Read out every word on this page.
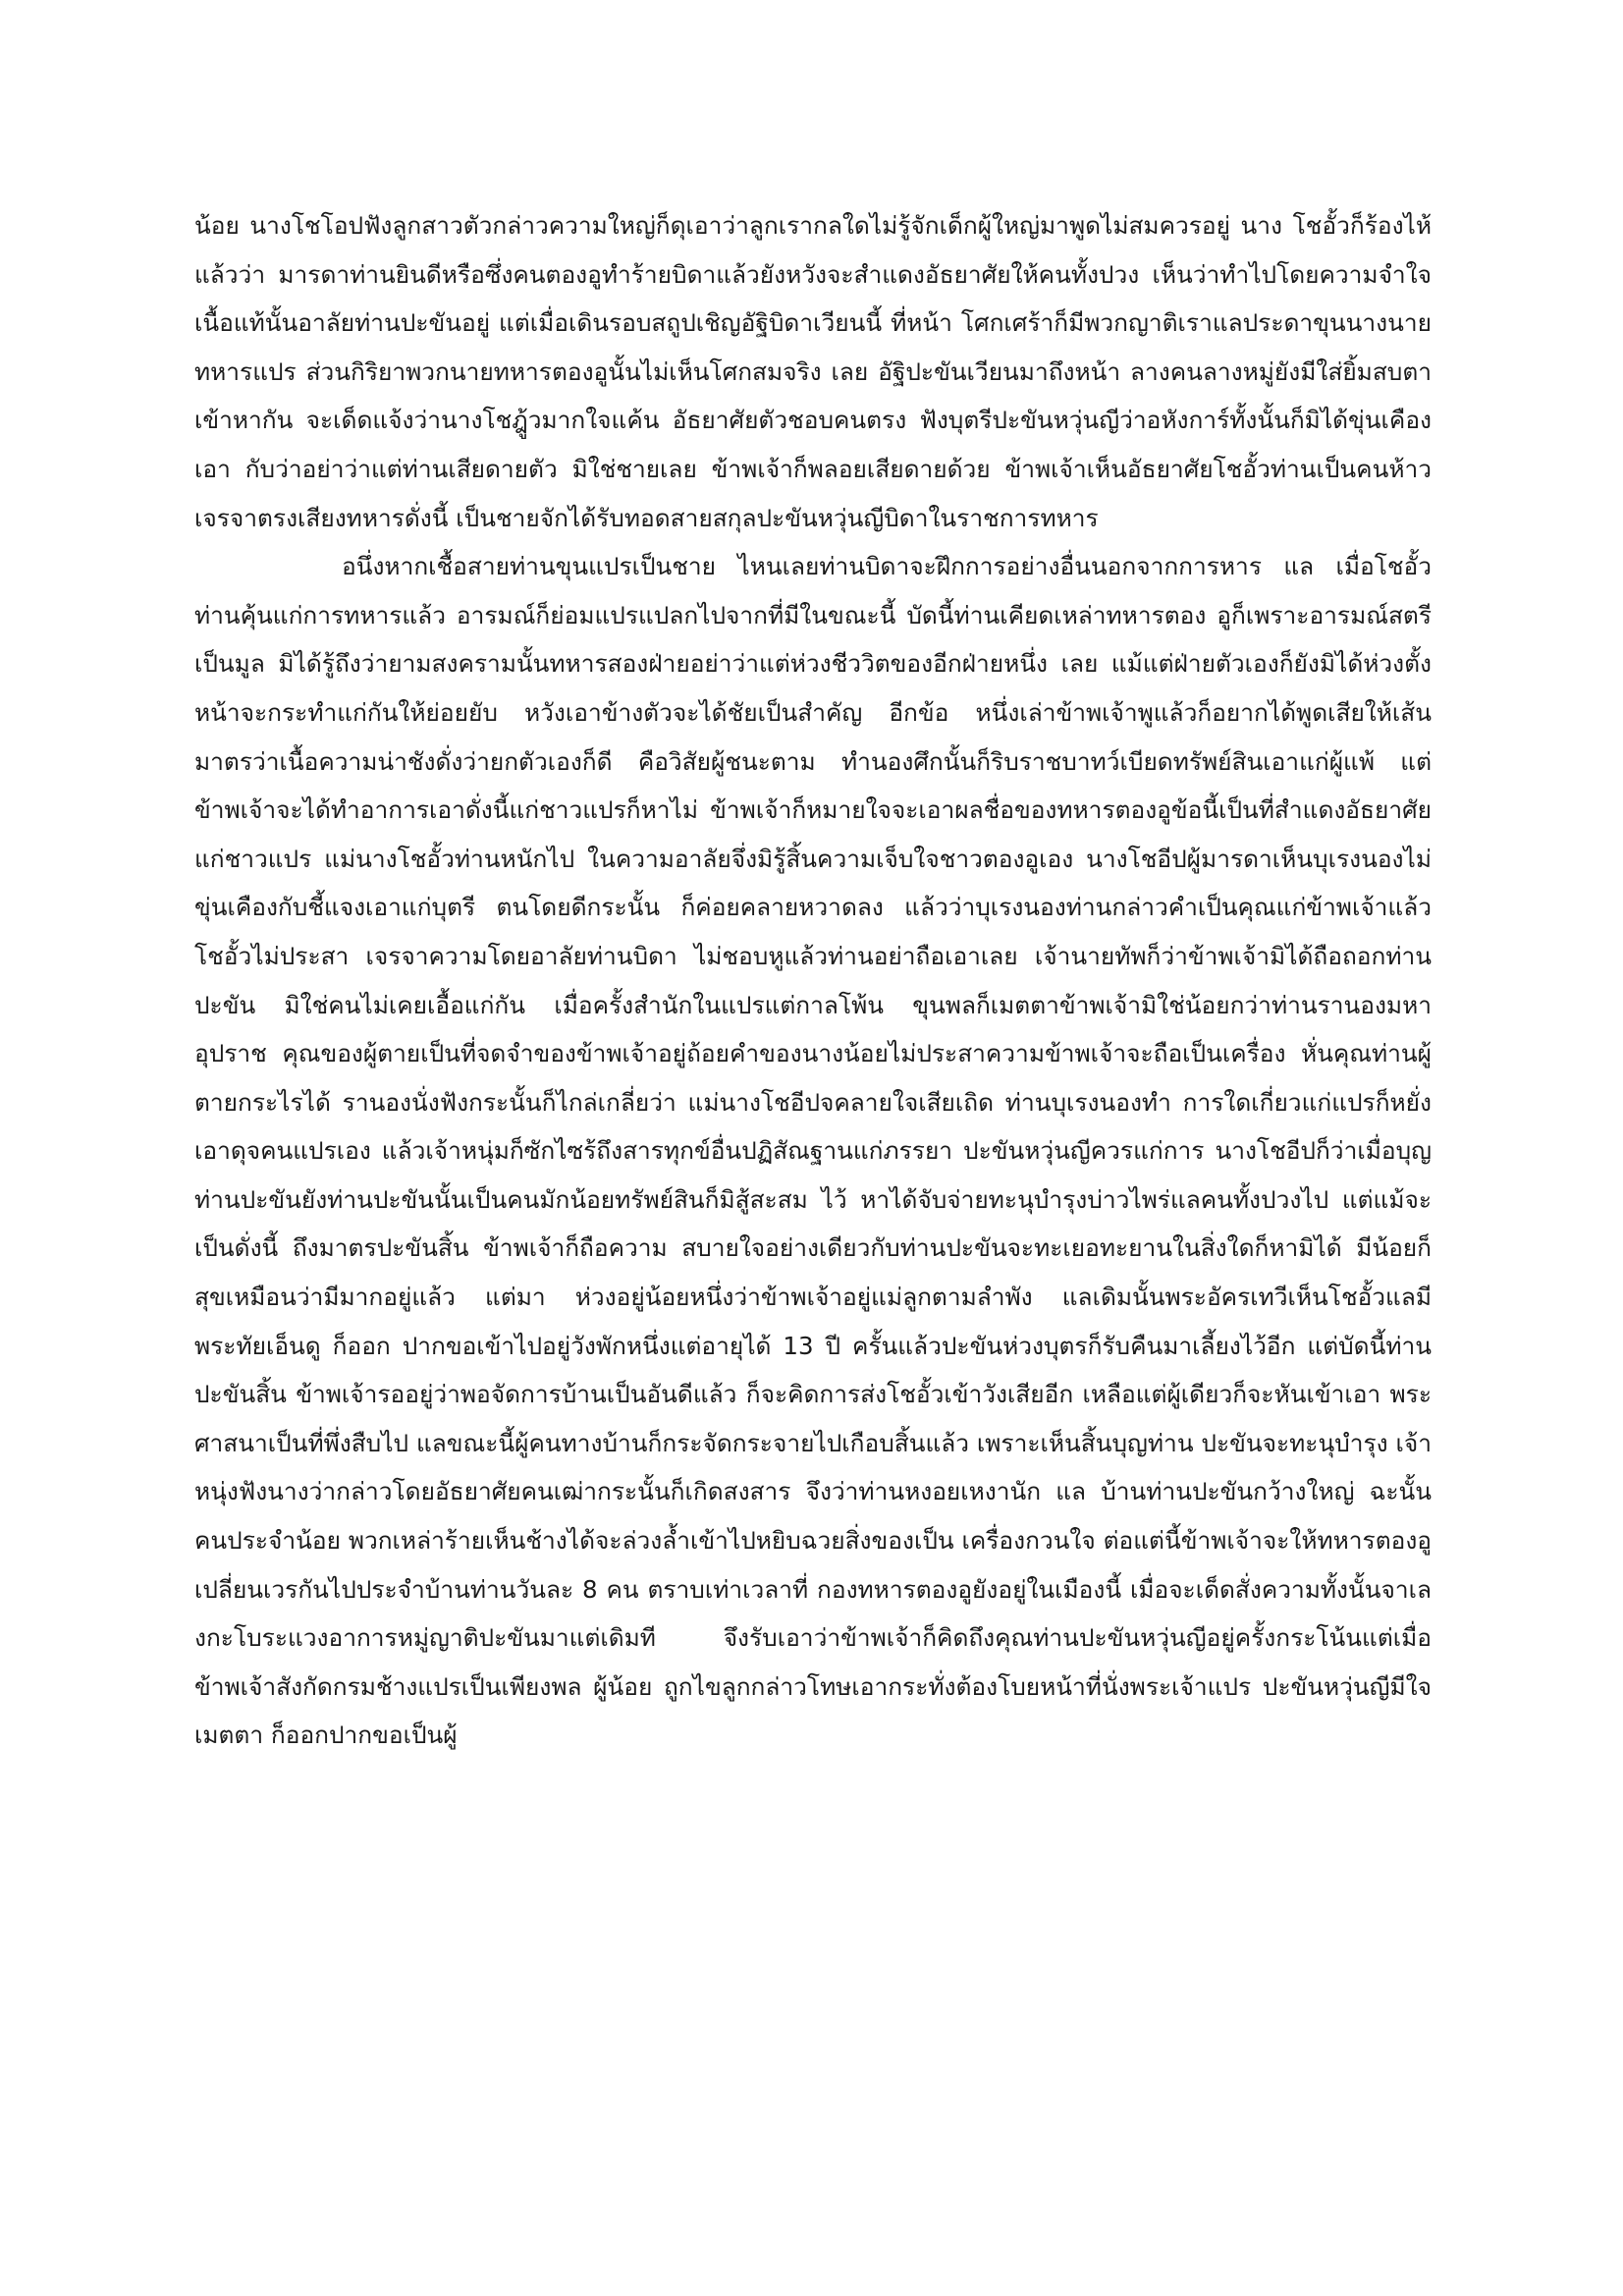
น้อย นางโชโอปฟังลูกสาวตัวกล่าวความใหญ่ก็ดุเอาว่าลูกเรากลใดไม่รู้จักเด็กผู้ใหญ่มาพูดไม่สมควรอยู่ นาง โชอั้วก็ร้องไห้แล้วว่า มารดาท่านยินดีหรือซึ่งคนตองอูทำร้ายบิดาแล้วยังหวังจะสำแดงอัธยาศัยให้คนทั้งปวง เห็นว่าทำไปโดยความจำใจเนื้อแท้นั้นอาลัยท่านปะขันอยู่ แต่เมื่อเดินรอบสถูปเชิญอัฐิบิดาเวียนนี้ ที่หน้า โศกเศร้าก็มีพวกญาติเราแลประดาขุนนางนายทหารแปร ส่วนกิริยาพวกนายทหารตองอูนั้นไม่เห็นโศกสมจริง เลย อัฐิปะขันเวียนมาถึงหน้า ลางคนลางหมู่ยังมีใส่ยิ้มสบตาเข้าหากัน จะเด็ดแจ้งว่านางโชฎู้วมากใจแค้น อัธยาศัยตัวชอบคนตรง ฟังบุตรีปะขันหวุ่นญีว่าอหังการ์ทั้งนั้นก็มิได้ขุ่นเคืองเอา กับว่าอย่าว่าแต่ท่านเสียดายตัว มิใช่ชายเลย ข้าพเจ้าก็พลอยเสียดายด้วย ข้าพเจ้าเห็นอัธยาศัยโชอั้วท่านเป็นคนห้าวเจรจาตรงเสียงทหารดั่งนี้ เป็นชายจักได้รับทอดสายสกุลปะขันหวุ่นญีบิดาในราชการทหาร

อนึ่งหากเชื้อสายท่านขุนแปรเป็นชาย ไหนเลยท่านบิดาจะฝึกการอย่างอื่นนอกจากการหาร แล เมื่อโชอั้วท่านคุ้นแก่การทหารแล้ว อารมณ์ก็ย่อมแปรแปลกไปจากที่มีในขณะนี้ บัดนี้ท่านเคียดเหล่าทหารตอง อูก็เพราะอารมณ์สตรีเป็นมูล มิได้รู้ถึงว่ายามสงครามนั้นทหารสองฝ่ายอย่าว่าแต่ห่วงชีววิตของอีกฝ่ายหนึ่ง เลย แม้แต่ฝ่ายตัวเองก็ยังมิได้ห่วงตั้งหน้าจะกระทำแก่กันให้ย่อยยับ หวังเอาข้างตัวจะได้ชัยเป็นสำคัญ อีกข้อ หนึ่งเล่าข้าพเจ้าพูแล้วก็อยากได้พูดเสียให้เส้นมาตรว่าเนื้อความน่าชังดั่งว่ายกตัวเองก็ดี คือวิสัยผู้ชนะตาม ทำนองศึกนั้นก็ริบราชบาทว์เบียดทรัพย์สินเอาแก่ผู้แพ้ แต่ข้าพเจ้าจะได้ทำอาการเอาดั่งนี้แก่ชาวแปรก็หาไม่ ข้าพเจ้าก็หมายใจจะเอาผลชื่อของทหารตองอูข้อนี้เป็นที่สำแดงอัธยาศัยแก่ชาวแปร แม่นางโชอั้วท่านหนักไป ในความอาลัยจึ่งมิรู้สิ้นความเจ็บใจชาวตองอูเอง นางโชอีปผู้มารดาเห็นบุเรงนองไม่ขุ่นเคืองกับชี้แจงเอาแก่บุตรี ตนโดยดีกระนั้น ก็ค่อยคลายหวาดลง แล้วว่าบุเรงนองท่านกล่าวคำเป็นคุณแก่ข้าพเจ้าแล้ว โชอั้วไม่ประสา เจรจาความโดยอาลัยท่านบิดา ไม่ชอบหูแล้วท่านอย่าถือเอาเลย เจ้านายทัพก็ว่าข้าพเจ้ามิได้ถือถอกท่านปะขัน มิใช่คนไม่เคยเอื้อแก่กัน เมื่อครั้งสำนักในแปรแต่กาลโพ้น ขุนพลก็เมตตาข้าพเจ้ามิใช่น้อยกว่าท่านรานองมหา อุปราช คุณของผู้ตายเป็นที่จดจำของข้าพเจ้าอยู่ถ้อยคำของนางน้อยไม่ประสาความข้าพเจ้าจะถือเป็นเครื่อง หั่นคุณท่านผู้ตายกระไรได้ รานองนั่งฟังกระนั้นก็ไกล่เกลี่ยว่า แม่นางโชอีปจคลายใจเสียเถิด ท่านบุเรงนองทำ การใดเกี่ยวแก่แปรก็หยั่งเอาดุจคนแปรเอง แล้วเจ้าหนุ่มก็ซักไซร้ถึงสารทุกข์อื่นปฏิสัณฐานแก่ภรรยา ปะขันหวุ่นญีควรแก่การ นางโชอีปก็ว่าเมื่อบุญท่านปะขันยังท่านปะขันนั้นเป็นคนมักน้อยทรัพย์สินก็มิสู้สะสม ไว้ หาได้จับจ่ายทะนุบำรุงบ่าวไพร่แลคนทั้งปวงไป แต่แม้จะเป็นดั่งนี้ ถึงมาตรปะขันสิ้น ข้าพเจ้าก็ถือความ สบายใจอย่างเดียวกับท่านปะขันจะทะเยอทะยานในสิ่งใดก็หามิได้ มีน้อยก็สุขเหมือนว่ามีมากอยู่แล้ว แต่มา ห่วงอยู่น้อยหนึ่งว่าข้าพเจ้าอยู่แม่ลูกตามลำพัง แลเดิมนั้นพระอัครเทวีเห็นโชอั้วแลมีพระทัยเอ็นดู ก็ออก ปากขอเข้าไปอยู่วังพักหนึ่งแต่อายุได้ 13 ปี ครั้นแล้วปะขันห่วงบุตรก็รับคืนมาเลี้ยงไว้อีก แต่บัดนี้ท่านปะขันสิ้น ข้าพเจ้ารออยู่ว่าพอจัดการบ้านเป็นอันดีแล้ว ก็จะคิดการส่งโชอั้วเข้าวังเสียอีก เหลือแต่ผู้เดียวก็จะหันเข้าเอา พระศาสนาเป็นที่พึ่งสืบไป แลขณะนี้ผู้คนทางบ้านก็กระจัดกระจายไปเกือบสิ้นแล้ว เพราะเห็นสิ้นบุญท่าน ปะขันจะทะนุบำรุง เจ้าหนุ่งฟังนางว่ากล่าวโดยอัธยาศัยคนเฒ่ากระนั้นก็เกิดสงสาร จึงว่าท่านหงอยเหงานัก แล บ้านท่านปะขันกว้างใหญ่ ฉะนั้นคนประจำน้อย พวกเหล่าร้ายเห็นช้างได้จะล่วงล้ำเข้าไปหยิบฉวยสิ่งของเป็น เครื่องกวนใจ ต่อแต่นี้ข้าพเจ้าจะให้ทหารตองอูเปลี่ยนเวรกันไปประจำบ้านท่านวันละ 8 คน ตราบเท่าเวลาที่ กองทหารตองอูยังอยู่ในเมืองนี้ เมื่อจะเด็ดสั่งความทั้งนั้นจาเลงกะโบระแวงอาการหมู่ญาติปะขันมาแต่เดิมที จึงรับเอาว่าข้าพเจ้าก็คิดถึงคุณท่านปะขันหวุ่นญีอยู่ครั้งกระโน้นแต่เมื่อข้าพเจ้าสังกัดกรมช้างแปรเป็นเพียงพล ผู้น้อย ถูกไขลูกกล่าวโทษเอากระทั่งต้องโบยหน้าที่นั่งพระเจ้าแปร ปะขันหวุ่นญีมีใจเมตตา ก็ออกปากขอเป็นผู้
